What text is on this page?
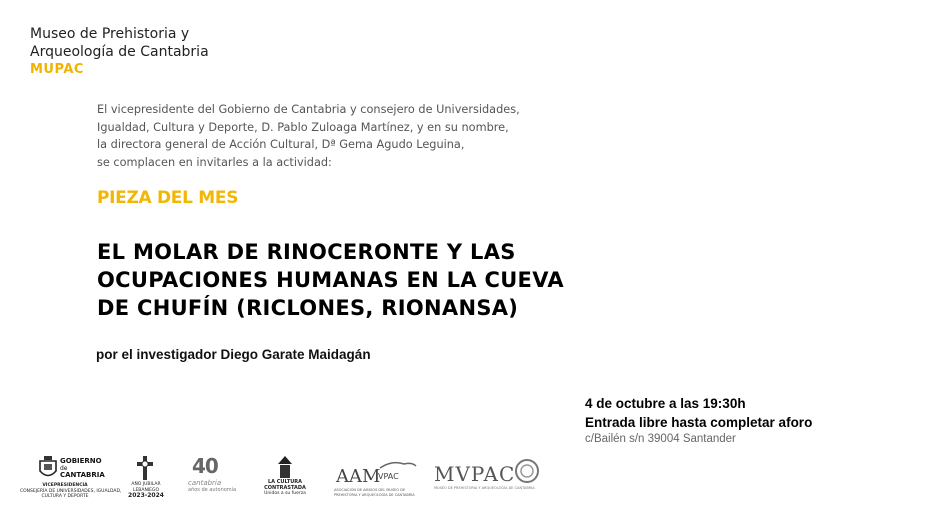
Museo de Prehistoria y
Arqueología de Cantabria
MUPAC
El vicepresidente del Gobierno de Cantabria y consejero de Universidades,
Igualdad, Cultura y Deporte, D. Pablo Zuloaga Martínez, y en su nombre,
la directora general de Acción Cultural, Dª Gema Agudo Leguina,
se complacen en invitarles a la actividad:
PIEZA DEL MES
EL MOLAR DE RINOCERONTE Y LAS
OCUPACIONES HUMANAS EN LA CUEVA
DE CHUFÍN (RICLONES, RIONANSA)
por el investigador Diego Garate Maidagán
4 de octubre a las 19:30h
Entrada libre hasta completar aforo
c/Bailén s/n 39004 Santander
GOBIERNO
de
CANTABRIA
VICEPRESIDENCIA
CONSEJERÍA DE UNIVERSIDADES, IGUALDAD,
CULTURA Y DEPORTE
AÑO JUBILAR
LEBANIEGO
2023-2024
40
cantabria
años de autonomía
LA CULTURA
CONTRASTADA
Unidos a su fuerza
AAM
VPAC
ASOCIACIÓN DE AMIGOS DEL MUSEO DE
PREHISTORIA Y ARQUEOLOGÍA DE CANTABRIA
MVPAC
MUSEO DE PREHISTORIA Y ARQUEOLOGÍA DE CANTABRIA
